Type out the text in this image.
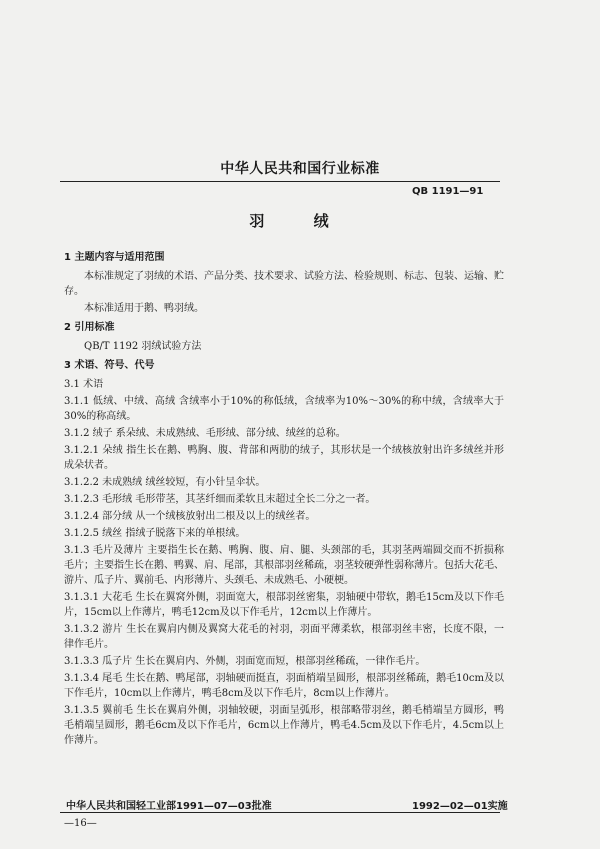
中华人民共和国行业标准
QB 1191—91
羽 绒
1 主题内容与适用范围

本标准规定了羽绒的术语、产品分类、技术要求、试验方法、检验规则、标志、包装、运输、贮存。

本标准适用于鹅、鸭羽绒。

2 引用标准

QB/T 1192 羽绒试验方法

3 术语、符号、代号

3.1 术语

3.1.1 低绒、中绒、高绒 含绒率小于10%的称低绒，含绒率为10%～30%的称中绒，含绒率大于30%的称高绒。

3.1.2 绒子 系朵绒、未成熟绒、毛形绒、部分绒、绒丝的总称。

3.1.2.1 朵绒 指生长在鹅、鸭胸、腹、背部和两肋的绒子，其形状是一个绒核放射出许多绒丝并形成朵状者。

3.1.2.2 未成熟绒 绒丝较短，有小针呈伞状。

3.1.2.3 毛形绒 毛形带茎，其茎纤细而柔软且末超过全长二分之一者。

3.1.2.4 部分绒 从一个绒核放射出二根及以上的绒丝者。

3.1.2.5 绒丝 指绒子脱落下来的单根绒。

3.1.3 毛片及薄片 主要指生长在鹅、鸭胸、腹、肩、腿、头颈部的毛，其羽茎两端圆交而不折损称毛片；主要指生长在鹅、鸭翼、肩、尾部，其根部羽丝稀疏，羽茎较硬弹性弱称薄片。包括大花毛、游片、瓜子片、翼前毛、内形薄片、头颈毛、未成熟毛、小硬梗。

3.1.3.1 大花毛 生长在翼窝外侧，羽面宽大，根部羽丝密集，羽轴硬中带软，鹅毛15cm及以下作毛片，15cm以上作薄片，鸭毛12cm及以下作毛片，12cm以上作薄片。

3.1.3.2 游片 生长在翼肩内侧及翼窝大花毛的衬羽，羽面平薄柔软，根部羽丝丰密，长度不限，一律作毛片。

3.1.3.3 瓜子片 生长在翼肩内、外侧，羽面宽而短，根部羽丝稀疏，一律作毛片。

3.1.3.4 尾毛 生长在鹅、鸭尾部，羽轴硬而挺直，羽面梢端呈圆形，根部羽丝稀疏，鹅毛10cm及以下作毛片，10cm以上作薄片，鸭毛8cm及以下作毛片，8cm以上作薄片。

3.1.3.5 翼前毛 生长在翼肩外侧，羽轴较硬，羽面呈弧形，根部略带羽丝，鹅毛梢端呈方圆形，鸭毛梢端呈圆形，鹅毛6cm及以下作毛片，6cm以上作薄片，鸭毛4.5cm及以下作毛片，4.5cm以上作薄片。

中华人民共和国轻工业部1991—07—03批准	1992—02—01实施
—16—
